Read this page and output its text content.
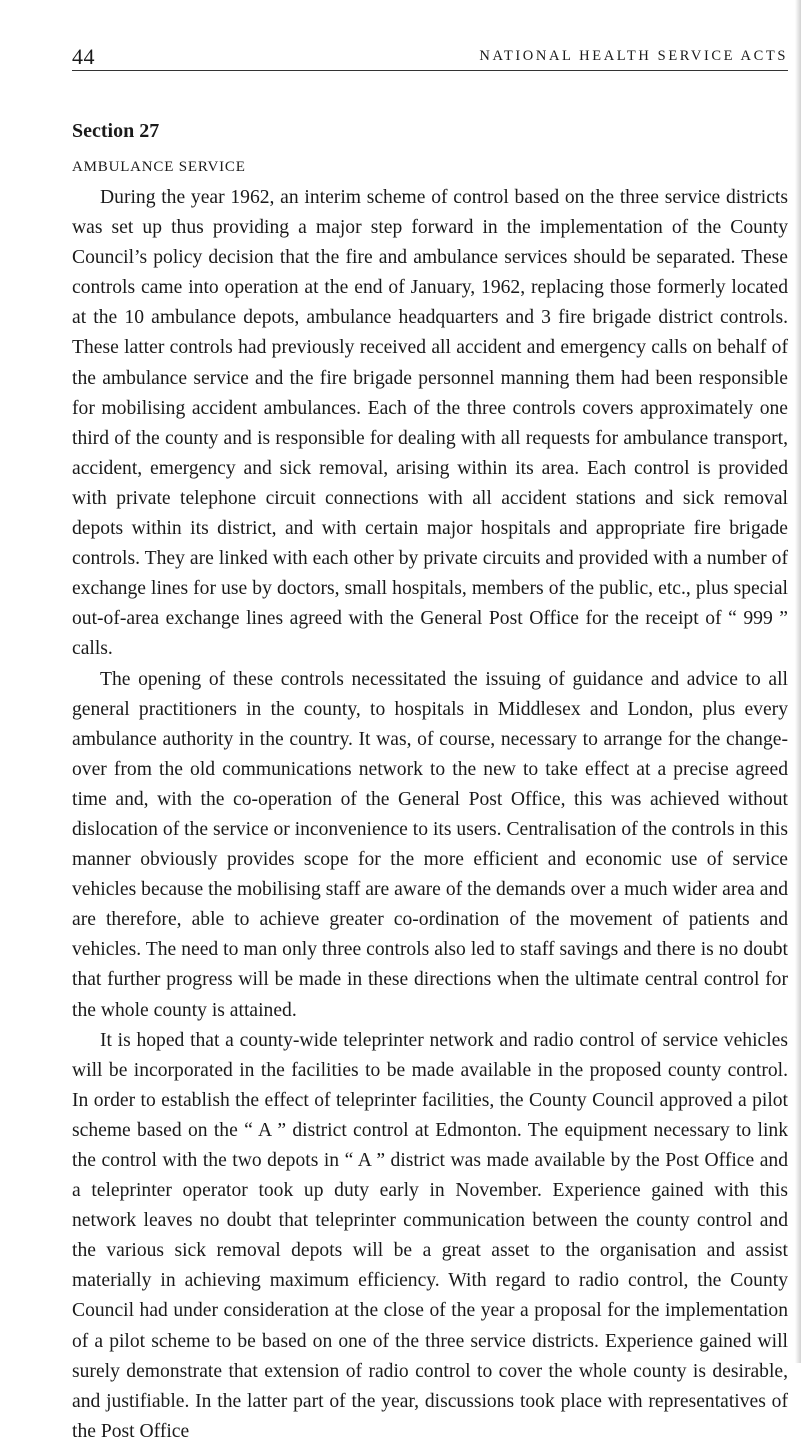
44	NATIONAL HEALTH SERVICE ACTS
Section 27
AMBULANCE SERVICE

During the year 1962, an interim scheme of control based on the three service districts was set up thus providing a major step forward in the implementation of the County Council’s policy decision that the fire and ambulance services should be separated. These controls came into operation at the end of January, 1962, replacing those formerly located at the 10 ambulance depots, ambulance headquarters and 3 fire brigade district controls. These latter controls had previously received all accident and emergency calls on behalf of the ambulance service and the fire brigade personnel manning them had been responsible for mobilising accident ambulances. Each of the three controls covers approximately one third of the county and is responsible for dealing with all requests for ambulance transport, accident, emergency and sick removal, arising within its area. Each control is provided with private telephone circuit connections with all accident stations and sick removal depots within its district, and with certain major hospitals and appropriate fire brigade controls. They are linked with each other by private circuits and provided with a number of exchange lines for use by doctors, small hospitals, members of the public, etc., plus special out-of-area exchange lines agreed with the General Post Office for the receipt of “ 999 ” calls.

The opening of these controls necessitated the issuing of guidance and advice to all general practitioners in the county, to hospitals in Middlesex and London, plus every ambulance authority in the country. It was, of course, necessary to arrange for the change-over from the old communications network to the new to take effect at a precise agreed time and, with the co-operation of the General Post Office, this was achieved without dislocation of the service or inconvenience to its users. Centralisation of the controls in this manner obviously provides scope for the more efficient and economic use of service vehicles because the mobilising staff are aware of the demands over a much wider area and are therefore, able to achieve greater co-ordination of the movement of patients and vehicles. The need to man only three controls also led to staff savings and there is no doubt that further progress will be made in these directions when the ultimate central control for the whole county is attained.

It is hoped that a county-wide teleprinter network and radio control of service vehicles will be incorporated in the facilities to be made available in the proposed county control. In order to establish the effect of teleprinter facilities, the County Council approved a pilot scheme based on the “ A ” district control at Edmonton. The equipment necessary to link the control with the two depots in “ A ” district was made available by the Post Office and a teleprinter operator took up duty early in November. Experience gained with this network leaves no doubt that teleprinter communication between the county control and the various sick removal depots will be a great asset to the organisation and assist materially in achieving maximum efficiency. With regard to radio control, the County Council had under consideration at the close of the year a proposal for the implementation of a pilot scheme to be based on one of the three service districts. Experience gained will surely demonstrate that extension of radio control to cover the whole county is desirable, and justifiable. In the latter part of the year, discussions took place with representatives of the Post Office
